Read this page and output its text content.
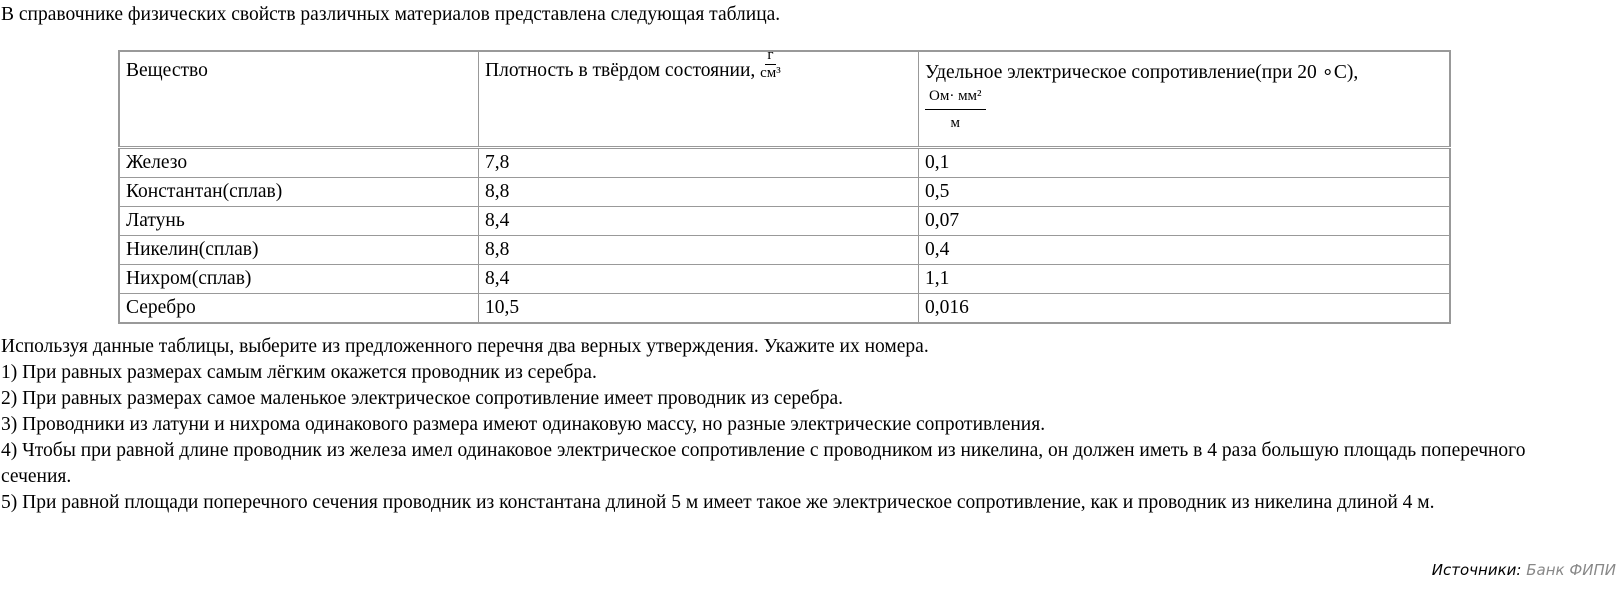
В справочнике физических свойств различных материалов представлена следующая таблица.
Вещество	Плотность в твёрдом состоянии, $\frac{г}{\text{см³}}$	Удельное электрическое сопротивление(при 20 ∘С),
$\frac{\text{Ом· мм²}}{м}$

Железо	7,8	0,1
Константан(сплав)	8,8	0,5
Латунь	8,4	0,07
Никелин(сплав)	8,8	0,4
Нихром(сплав)	8,4	1,1
Серебро	10,5	0,016
Используя данные таблицы, выберите из предложенного перечня два верных утверждения. Укажите их номера.
1) При равных размерах самым лёгким окажется проводник из серебра.
2) При равных размерах самое маленькое электрическое сопротивление имеет проводник из серебра.
3) Проводники из латуни и нихрома одинакового размера имеют одинаковую массу, но разные электрические сопротивления.
4) Чтобы при равной длине проводник из железа имел одинаковое электрическое сопротивление с проводником из никелина, он должен иметь в 4 раза большую площадь поперечного сечения.
5) При равной площади поперечного сечения проводник из константана длиной 5 м имеет такое же электрическое сопротивление, как и проводник из никелина длиной 4 м.
Источники: Банк ФИПИ
